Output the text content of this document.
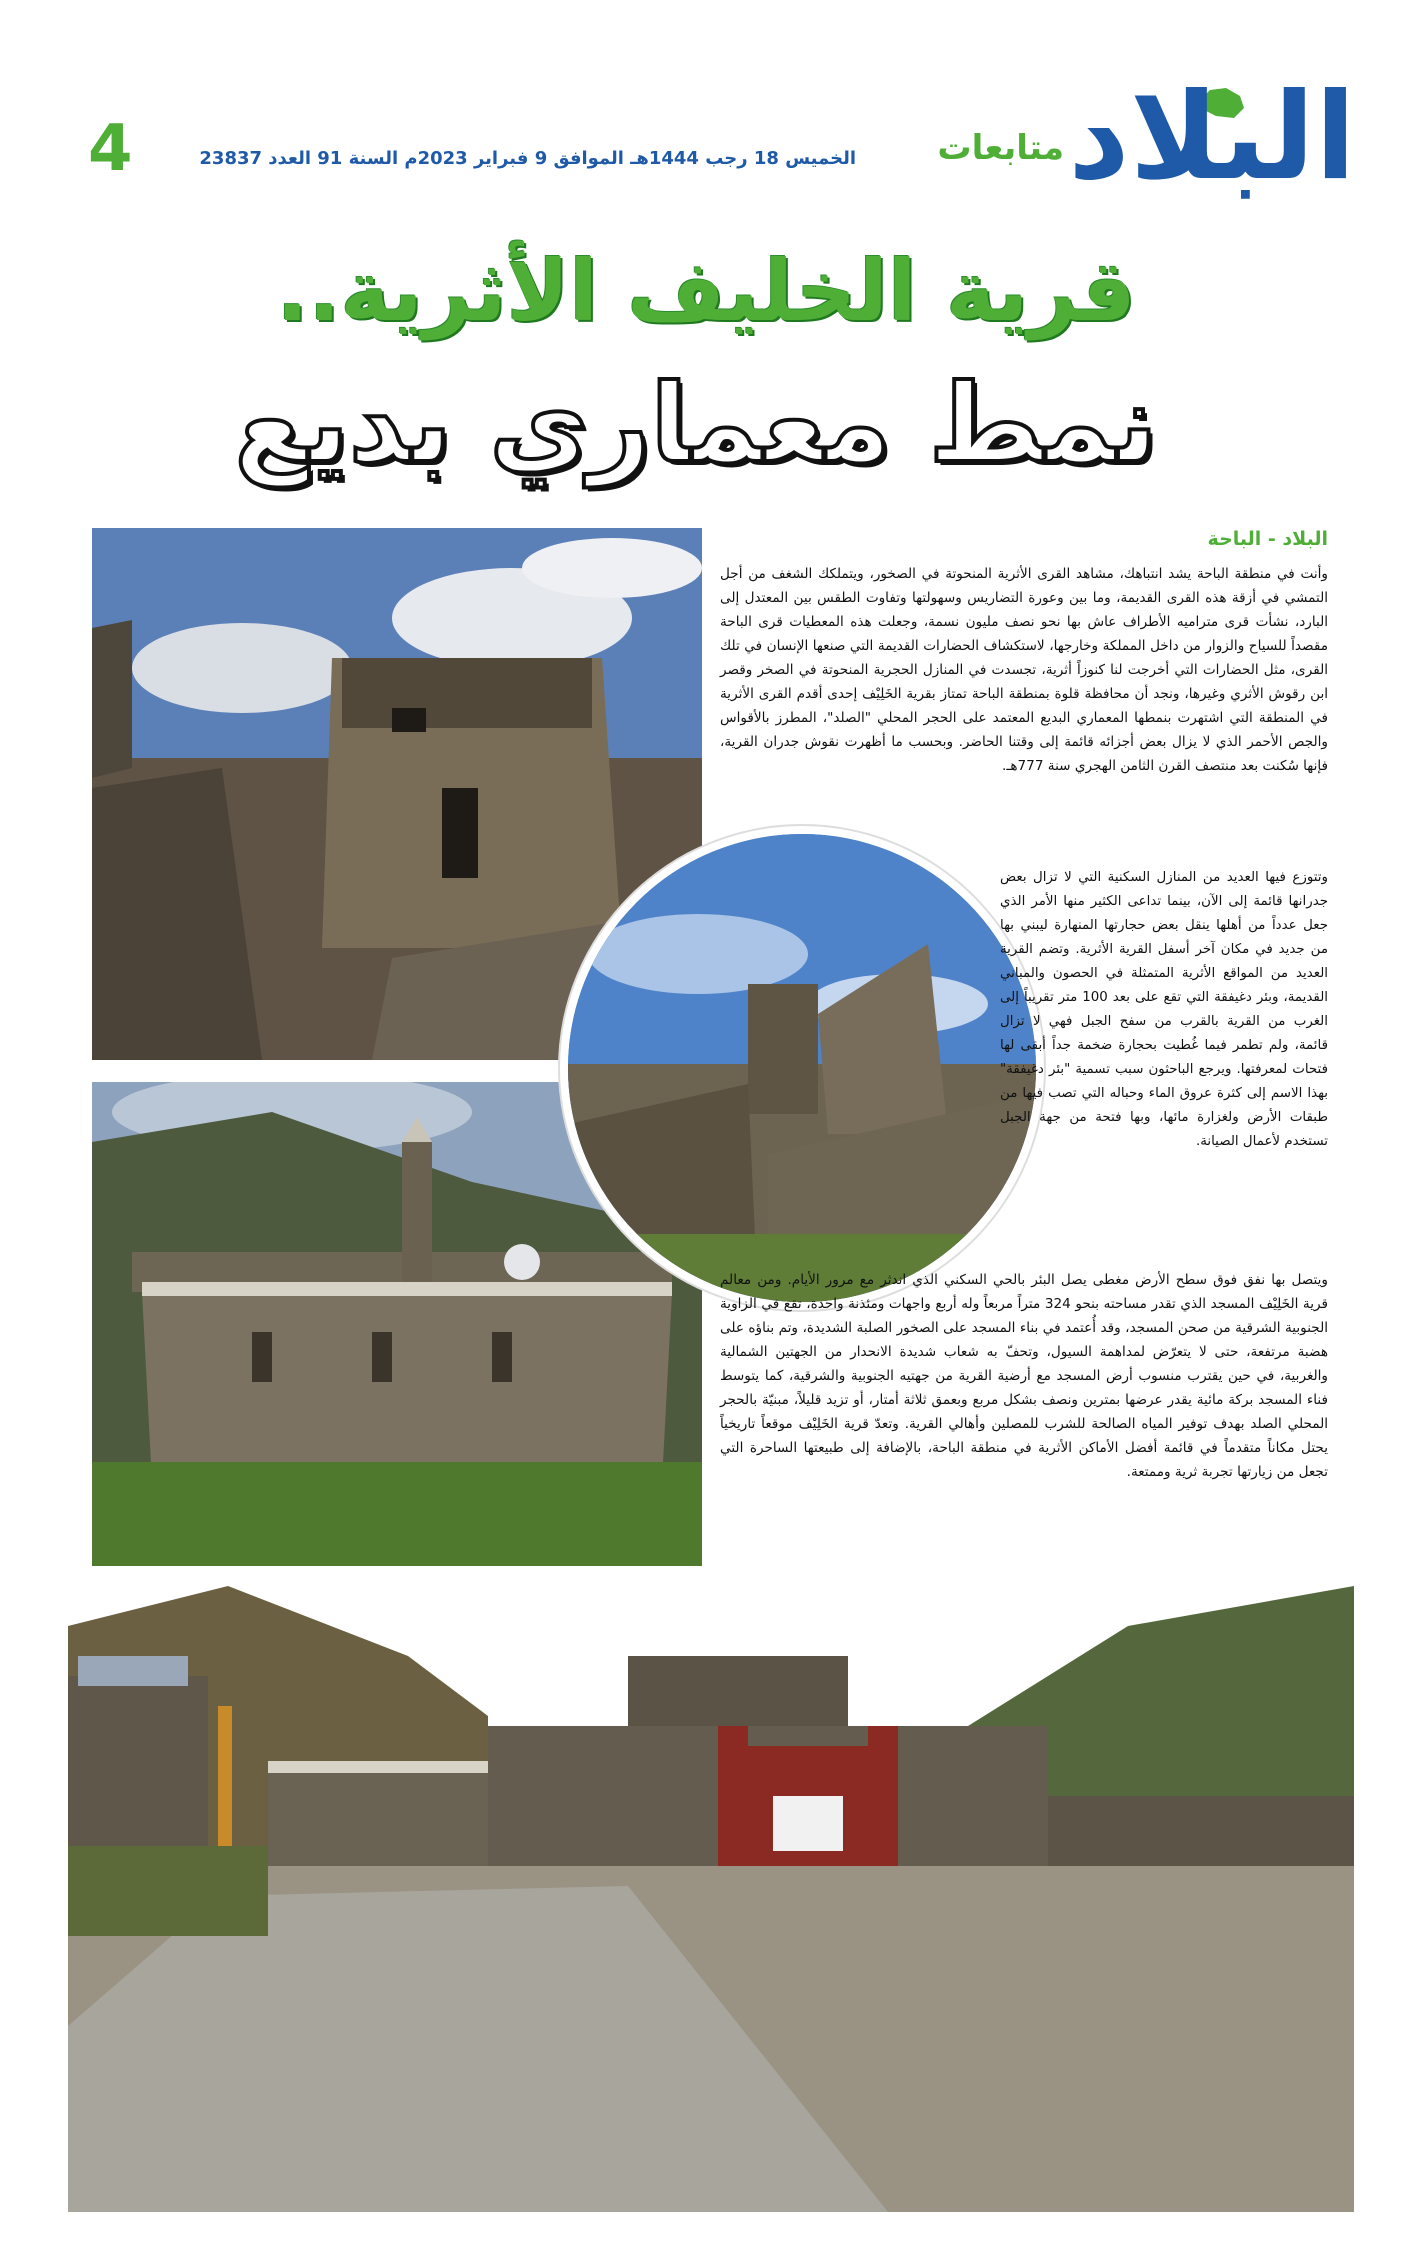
البلاد
متابعات
الخميس 18 رجب 1444هـ الموافق 9 فبراير 2023م السنة 91 العدد 23837
4
قرية الخليف الأثرية..
نمط معماري بديع
البلاد - الباحة

وأنت في منطقة الباحة يشد انتباهك، مشاهد القرى الأثرية المنحوتة في الصخور، ويتملكك الشغف من أجل التمشي في أزقة هذه القرى القديمة، وما بين وعورة التضاريس وسهولتها وتفاوت الطقس بين المعتدل إلى البارد، نشأت قرى متراميه الأطراف عاش بها نحو نصف مليون نسمة، وجعلت هذه المعطيات قرى الباحة مقصداً للسياح والزوار من داخل المملكة وخارجها، لاستكشاف الحضارات القديمة التي صنعها الإنسان في تلك القرى، مثل الحضارات التي أخرجت لنا كنوزاً أثرية، تجسدت في المنازل الحجرية المنحوتة في الصخر وقصر ابن رقوش الأثري وغيرها، ونجد أن محافظة قلوة بمنطقة الباحة تمتاز بقرية الخَلِيْف إحدى أقدم القرى الأثرية في المنطقة التي اشتهرت بنمطها المعماري البديع المعتمد على الحجر المحلي "الصلد"، المطرز بالأقواس والجص الأحمر الذي لا يزال بعض أجزائه قائمة إلى وقتنا الحاضر. وبحسب ما أظهرت نقوش جدران القرية، فإنها سُكنت بعد منتصف القرن الثامن الهجري سنة 777هـ.

وتتوزع فيها العديد من المنازل السكنية التي لا تزال بعض جدرانها قائمة إلى الآن، بينما تداعى الكثير منها الأمر الذي جعل عدداً من أهلها ينقل بعض حجارتها المنهارة ليبني بها من جديد في مكان آخر أسفل القرية الأثرية. وتضم القرية العديد من المواقع الأثرية المتمثلة في الحصون والمباني القديمة، وبئر دغيفقة التي تقع على بعد 100 متر تقريباً إلى الغرب من القرية بالقرب من سفح الجبل فهي لا تزال قائمة، ولم تطمر فيما غُطيت بحجارة ضخمة جداً أبقى لها فتحات لمعرفتها. ويرجع الباحثون سبب تسمية "بئر دغيفقة" بهذا الاسم إلى كثرة عروق الماء وحباله التي تصب فيها من طبقات الأرض ولغزارة مائها، وبها فتحة من جهة الجبل تستخدم لأعمال الصيانة.

ويتصل بها نفق فوق سطح الأرض مغطى يصل البئر بالحي السكني الذي اندثر مع مرور الأيام. ومن معالم قرية الخَلِيْف المسجد الذي تقدر مساحته بنحو 324 متراً مربعاً وله أربع واجهات ومئذنة واحدة، تقع في الزاوية الجنوبية الشرقية من صحن المسجد، وقد أُعتمد في بناء المسجد على الصخور الصلبة الشديدة، وتم بناؤه على هضبة مرتفعة، حتى لا يتعرّض لمداهمة السيول، وتحفّ به شعاب شديدة الانحدار من الجهتين الشمالية والغربية، في حين يقترب منسوب أرض المسجد مع أرضية القرية من جهتيه الجنوبية والشرقية، كما يتوسط فناء المسجد بركة مائية يقدر عرضها بمترين ونصف بشكل مربع وبعمق ثلاثة أمتار، أو تزيد قليلاً، مبنيّة بالحجر المحلي الصلد بهدف توفير المياه الصالحة للشرب للمصلين وأهالي القرية. وتعدّ قرية الخَلِيْف موقعاً تاريخياً يحتل مكاناً متقدماً في قائمة أفضل الأماكن الأثرية في منطقة الباحة، بالإضافة إلى طبيعتها الساحرة التي تجعل من زيارتها تجربة ثرية وممتعة.
